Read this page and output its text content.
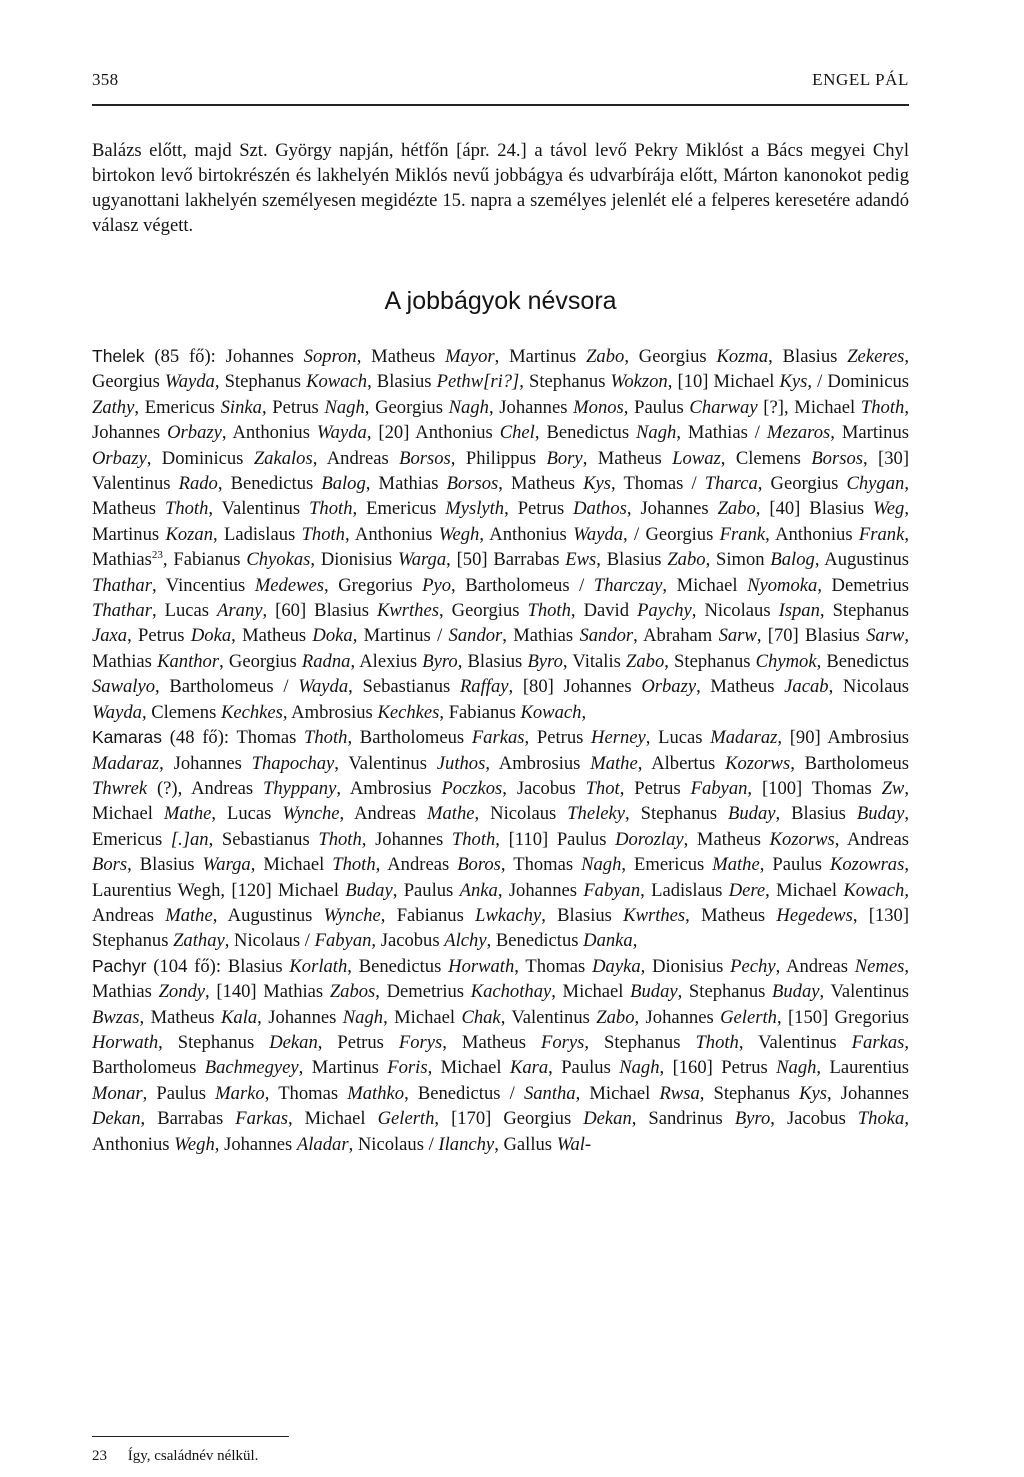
358	ENGEL PÁL

Balázs előtt, majd Szt. György napján, hétfőn [ápr. 24.] a távol levő Pekry Miklóst a Bács megyei Chyl birtokon levő birtokrészén és lakhelyén Miklós nevű jobbágya és udvarbírája előtt, Márton kanonokot pedig ugyanottani lakhelyén személyesen megidézte 15. napra a személyes jelenlét elé a felperes keresetére adandó válasz végett.

A jobbágyok névsora

Thelek (85 fő): Johannes Sopron, Matheus Mayor, Martinus Zabo, Georgius Kozma, Blasius Zekeres, Georgius Wayda, Stephanus Kowach, Blasius Pethw[ri?], Stephanus Wokzon, [10] Michael Kys, / Dominicus Zathy, Emericus Sinka, Petrus Nagh, Georgius Nagh, Johannes Monos, Paulus Charway [?], Michael Thoth, Johannes Orbazy, Anthonius Wayda, [20] Anthonius Chel, Benedictus Nagh, Mathias / Mezaros, Martinus Orbazy, Dominicus Zakalos, Andreas Borsos, Philippus Bory, Matheus Lowaz, Clemens Borsos, [30] Valentinus Rado, Benedictus Balog, Mathias Borsos, Matheus Kys, Thomas / Tharca, Georgius Chygan, Matheus Thoth, Valentinus Thoth, Emericus Myslyth, Petrus Dathos, Johannes Zabo, [40] Blasius Weg, Martinus Kozan, Ladislaus Thoth, Anthonius Wegh, Anthonius Wayda, / Georgius Frank, Anthonius Frank, Mathias$^{23}$, Fabianus Chyokas, Dionisius Warga, [50] Barrabas Ews, Blasius Zabo, Simon Balog, Augustinus Thathar, Vincentius Medewes, Gregorius Pyo, Bartholomeus / Tharczay, Michael Nyomoka, Demetrius Thathar, Lucas Arany, [60] Blasius Kwrthes, Georgius Thoth, David Paychy, Nicolaus Ispan, Stephanus Jaxa, Petrus Doka, Matheus Doka, Martinus / Sandor, Mathias Sandor, Abraham Sarw, [70] Blasius Sarw, Mathias Kanthor, Georgius Radna, Alexius Byro, Blasius Byro, Vitalis Zabo, Stephanus Chymok, Benedictus Sawalyo, Bartholomeus / Wayda, Sebastianus Raffay, [80] Johannes Orbazy, Matheus Jacab, Nicolaus Wayda, Clemens Kechkes, Ambrosius Kechkes, Fabianus Kowach,

Kamaras (48 fő): Thomas Thoth, Bartholomeus Farkas, Petrus Herney, Lucas Madaraz, [90] Ambrosius Madaraz, Johannes Thapochay, Valentinus Juthos, Ambrosius Mathe, Albertus Kozorws, Bartholomeus Thwrek (?), Andreas Thyppany, Ambrosius Poczkos, Jacobus Thot, Petrus Fabyan, [100] Thomas Zw, Michael Mathe, Lucas Wynche, Andreas Mathe, Nicolaus Theleky, Stephanus Buday, Blasius Buday, Emericus [.]an, Sebastianus Thoth, Johannes Thoth, [110] Paulus Dorozlay, Matheus Kozorws, Andreas Bors, Blasius Warga, Michael Thoth, Andreas Boros, Thomas Nagh, Emericus Mathe, Paulus Kozowras, Laurentius Wegh, [120] Michael Buday, Paulus Anka, Johannes Fabyan, Ladislaus Dere, Michael Kowach, Andreas Mathe, Augustinus Wynche, Fabianus Lwkachy, Blasius Kwrthes, Matheus Hegedews, [130] Stephanus Zathay, Nicolaus / Fabyan, Jacobus Alchy, Benedictus Danka,

Pachyr (104 fő): Blasius Korlath, Benedictus Horwath, Thomas Dayka, Dionisius Pechy, Andreas Nemes, Mathias Zondy, [140] Mathias Zabos, Demetrius Kachothay, Michael Buday, Stephanus Buday, Valentinus Bwzas, Matheus Kala, Johannes Nagh, Michael Chak, Valentinus Zabo, Johannes Gelerth, [150] Gregorius Horwath, Stephanus Dekan, Petrus Forys, Matheus Forys, Stephanus Thoth, Valentinus Farkas, Bartholomeus Bachmegyey, Martinus Foris, Michael Kara, Paulus Nagh, [160] Petrus Nagh, Laurentius Monar, Paulus Marko, Thomas Mathko, Benedictus / Santha, Michael Rwsa, Stephanus Kys, Johannes Dekan, Barrabas Farkas, Michael Gelerth, [170] Georgius Dekan, Sandrinus Byro, Jacobus Thoka, Anthonius Wegh, Johannes Aladar, Nicolaus / Ilanchy, Gallus Wal-

23 Így, családnév nélkül.
